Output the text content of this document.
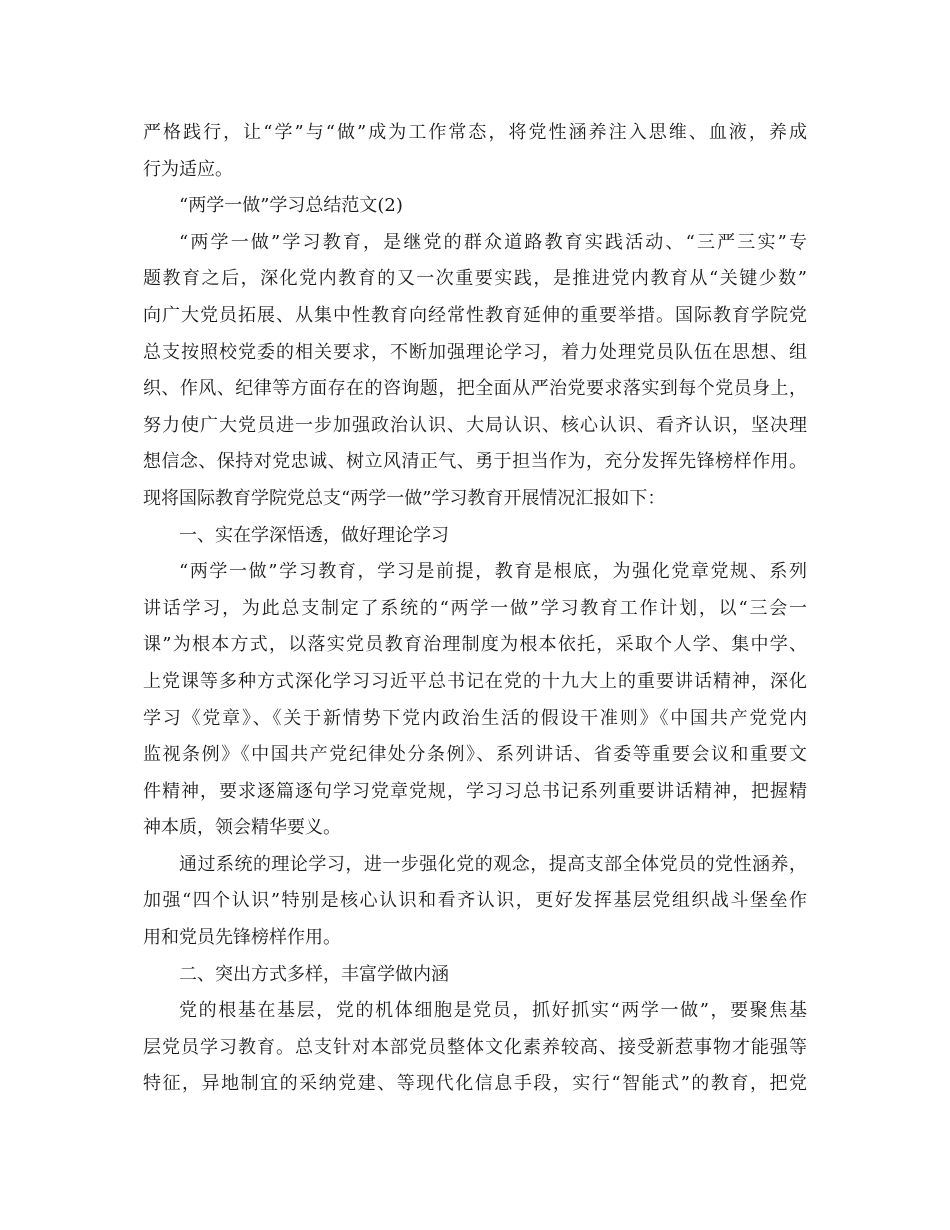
严格践行，让“学”与“做”成为工作常态，将党性涵养注入思维、血液，养成
行为适应。
“两学一做”学习总结范文(2)
“两学一做”学习教育，是继党的群众道路教育实践活动、“三严三实”专
题教育之后，深化党内教育的又一次重要实践，是推进党内教育从“关键少数”
向广大党员拓展、从集中性教育向经常性教育延伸的重要举措。国际教育学院党
总支按照校党委的相关要求，不断加强理论学习，着力处理党员队伍在思想、组
织、作风、纪律等方面存在的咨询题，把全面从严治党要求落实到每个党员身上，
努力使广大党员进一步加强政治认识、大局认识、核心认识、看齐认识，坚决理
想信念、保持对党忠诚、树立风清正气、勇于担当作为，充分发挥先锋榜样作用。
现将国际教育学院党总支“两学一做”学习教育开展情况汇报如下：
一、实在学深悟透，做好理论学习
“两学一做”学习教育，学习是前提，教育是根底，为强化党章党规、系列
讲话学习，为此总支制定了系统的“两学一做”学习教育工作计划，以“三会一
课”为根本方式，以落实党员教育治理制度为根本依托，采取个人学、集中学、
上党课等多种方式深化学习习近平总书记在党的十九大上的重要讲话精神，深化
学习《党章》、《关于新情势下党内政治生活的假设干准则》《中国共产党党内
监视条例》《中国共产党纪律处分条例》、系列讲话、省委等重要会议和重要文
件精神，要求逐篇逐句学习党章党规，学习习总书记系列重要讲话精神，把握精
神本质，领会精华要义。
通过系统的理论学习，进一步强化党的观念，提高支部全体党员的党性涵养，
加强“四个认识”特别是核心认识和看齐认识，更好发挥基层党组织战斗堡垒作
用和党员先锋榜样作用。
二、突出方式多样，丰富学做内涵
党的根基在基层，党的机体细胞是党员，抓好抓实“两学一做”，要聚焦基
层党员学习教育。总支针对本部党员整体文化素养较高、接受新惹事物才能强等
特征，异地制宜的采纳党建、等现代化信息手段，实行“智能式”的教育，把党
